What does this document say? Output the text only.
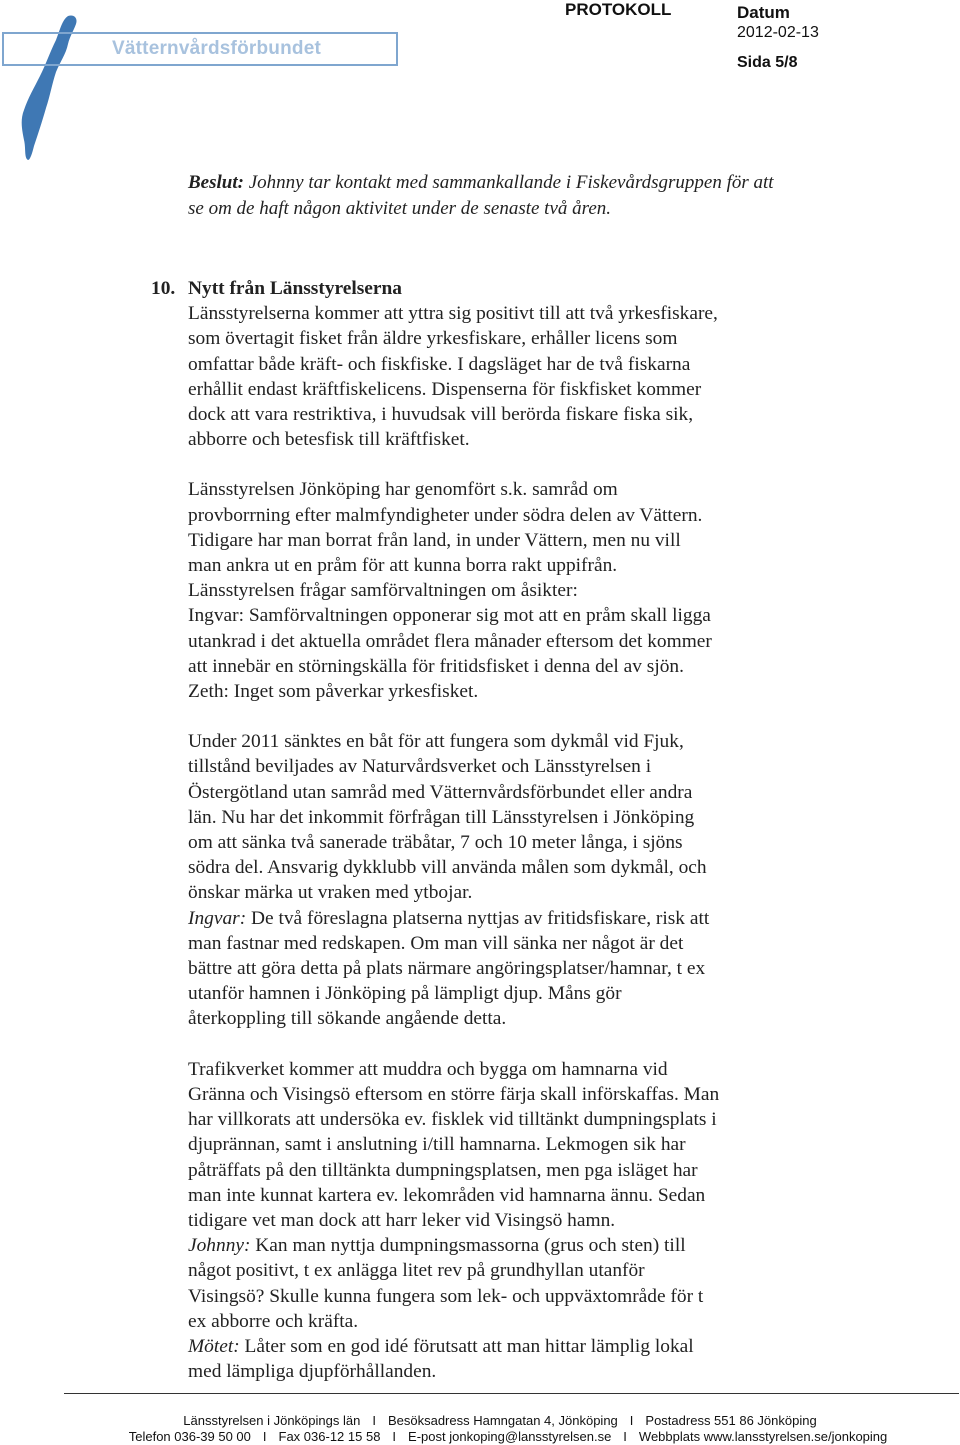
Vätternvårdsförbundet
PROTOKOLL	Datum
2012-02-13
Sida 5/8

Beslut: Johnny tar kontakt med sammankallande i Fiskevårdsgruppen för att
se om de haft någon aktivitet under de senaste två åren.

10. Nytt från Länsstyrelserna

Länsstyrelserna kommer att yttra sig positivt till att två yrkesfiskare,
som övertagit fisket från äldre yrkesfiskare, erhåller licens som
omfattar både kräft- och fiskfiske. I dagsläget har de två fiskarna
erhållit endast kräftfiskelicens. Dispenserna för fiskfisket kommer
dock att vara restriktiva, i huvudsak vill berörda fiskare fiska sik,
abborre och betesfisk till kräftfisket.

Länsstyrelsen Jönköping har genomfört s.k. samråd om
provborrning efter malmfyndigheter under södra delen av Vättern.
Tidigare har man borrat från land, in under Vättern, men nu vill
man ankra ut en pråm för att kunna borra rakt uppifrån.
Länsstyrelsen frågar samförvaltningen om åsikter:
Ingvar: Samförvaltningen opponerar sig mot att en pråm skall ligga
utankrad i det aktuella området flera månader eftersom det kommer
att innebär en störningskälla för fritidsfisket i denna del av sjön.
Zeth: Inget som påverkar yrkesfisket.

Under 2011 sänktes en båt för att fungera som dykmål vid Fjuk,
tillstånd beviljades av Naturvårdsverket och Länsstyrelsen i
Östergötland utan samråd med Vätternvårdsförbundet eller andra
län. Nu har det inkommit förfrågan till Länsstyrelsen i Jönköping
om att sänka två sanerade träbåtar, 7 och 10 meter långa, i sjöns
södra del. Ansvarig dykklubb vill använda målen som dykmål, och
önskar märka ut vraken med ytbojar.
Ingvar: De två föreslagna platserna nyttjas av fritidsfiskare, risk att
man fastnar med redskapen. Om man vill sänka ner något är det
bättre att göra detta på plats närmare angöringsplatser/hamnar, t ex
utanför hamnen i Jönköping på lämpligt djup. Måns gör
återkoppling till sökande angående detta.

Trafikverket kommer att muddra och bygga om hamnarna vid
Gränna och Visingsö eftersom en större färja skall införskaffas. Man
har villkorats att undersöka ev. fisklek vid tilltänkt dumpningsplats i
djuprännan, samt i anslutning i/till hamnarna. Lekmogen sik har
påträffats på den tilltänkta dumpningsplatsen, men pga isläget har
man inte kunnat kartera ev. lekområden vid hamnarna ännu. Sedan
tidigare vet man dock att harr leker vid Visingsö hamn.
Johnny: Kan man nyttja dumpningsmassorna (grus och sten) till
något positivt, t ex anlägga litet rev på grundhyllan utanför
Visingsö? Skulle kunna fungera som lek- och uppväxtområde för t
ex abborre och kräfta.
Mötet: Låter som en god idé förutsatt att man hittar lämplig lokal
med lämpliga djupförhållanden.

Länsstyrelsen i Jönköpings län I Besöksadress Hamngatan 4, Jönköping I Postadress 551 86 Jönköping
Telefon 036-39 50 00 I Fax 036-12 15 58 I E-post jonkoping@lansstyrelsen.se I Webbplats www.lansstyrelsen.se/jonkoping
